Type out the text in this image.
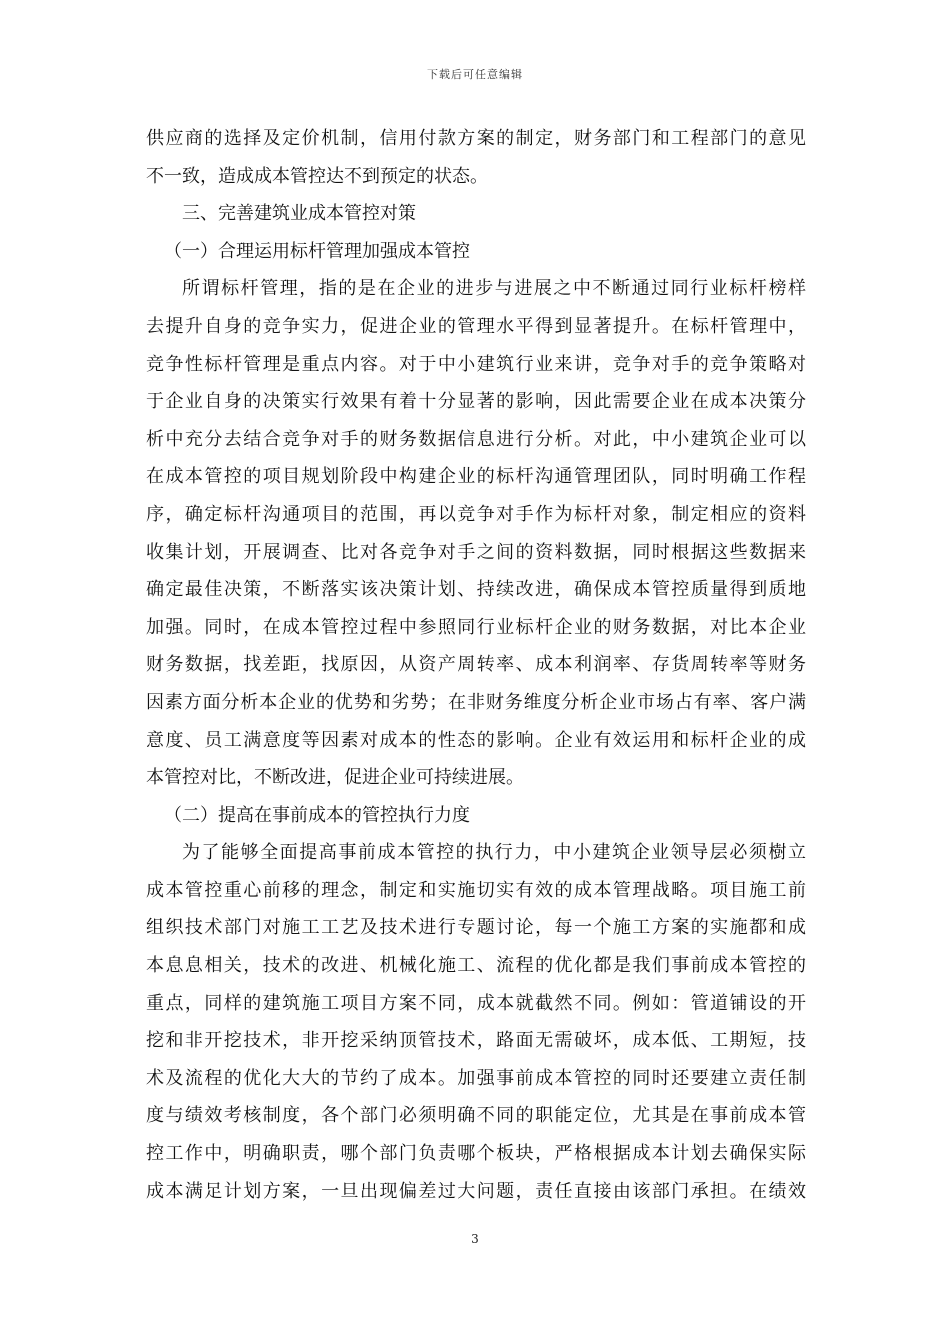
下载后可任意编辑
供应商的选择及定价机制，信用付款方案的制定，财务部门和工程部门的意见
不一致，造成成本管控达不到预定的状态。
三、完善建筑业成本管控对策
（一）合理运用标杆管理加强成本管控
所谓标杆管理，指的是在企业的进步与进展之中不断通过同行业标杆榜样
去提升自身的竞争实力，促进企业的管理水平得到显著提升。在标杆管理中，
竞争性标杆管理是重点内容。对于中小建筑行业来讲，竞争对手的竞争策略对
于企业自身的决策实行效果有着十分显著的影响，因此需要企业在成本决策分
析中充分去结合竞争对手的财务数据信息进行分析。对此，中小建筑企业可以
在成本管控的项目规划阶段中构建企业的标杆沟通管理团队，同时明确工作程
序，确定标杆沟通项目的范围，再以竞争对手作为标杆对象，制定相应的资料
收集计划，开展调查、比对各竞争对手之间的资料数据，同时根据这些数据来
确定最佳决策，不断落实该决策计划、持续改进，确保成本管控质量得到质地
加强。同时，在成本管控过程中参照同行业标杆企业的财务数据，对比本企业
财务数据，找差距，找原因，从资产周转率、成本利润率、存货周转率等财务
因素方面分析本企业的优势和劣势；在非财务维度分析企业市场占有率、客户满
意度、员工满意度等因素对成本的性态的影响。企业有效运用和标杆企业的成
本管控对比，不断改进，促进企业可持续进展。
（二）提高在事前成本的管控执行力度
为了能够全面提高事前成本管控的执行力，中小建筑企业领导层必须樹立
成本管控重心前移的理念，制定和实施切实有效的成本管理战略。项目施工前
组织技术部门对施工工艺及技术进行专题讨论，每一个施工方案的实施都和成
本息息相关，技术的改进、机械化施工、流程的优化都是我们事前成本管控的
重点，同样的建筑施工项目方案不同，成本就截然不同。例如：管道铺设的开
挖和非开挖技术，非开挖采纳顶管技术，路面无需破坏，成本低、工期短，技
术及流程的优化大大的节约了成本。加强事前成本管控的同时还要建立责任制
度与绩效考核制度，各个部门必须明确不同的职能定位，尤其是在事前成本管
控工作中，明确职责，哪个部门负责哪个板块，严格根据成本计划去确保实际
成本满足计划方案，一旦出现偏差过大问题，责任直接由该部门承担。在绩效
3
